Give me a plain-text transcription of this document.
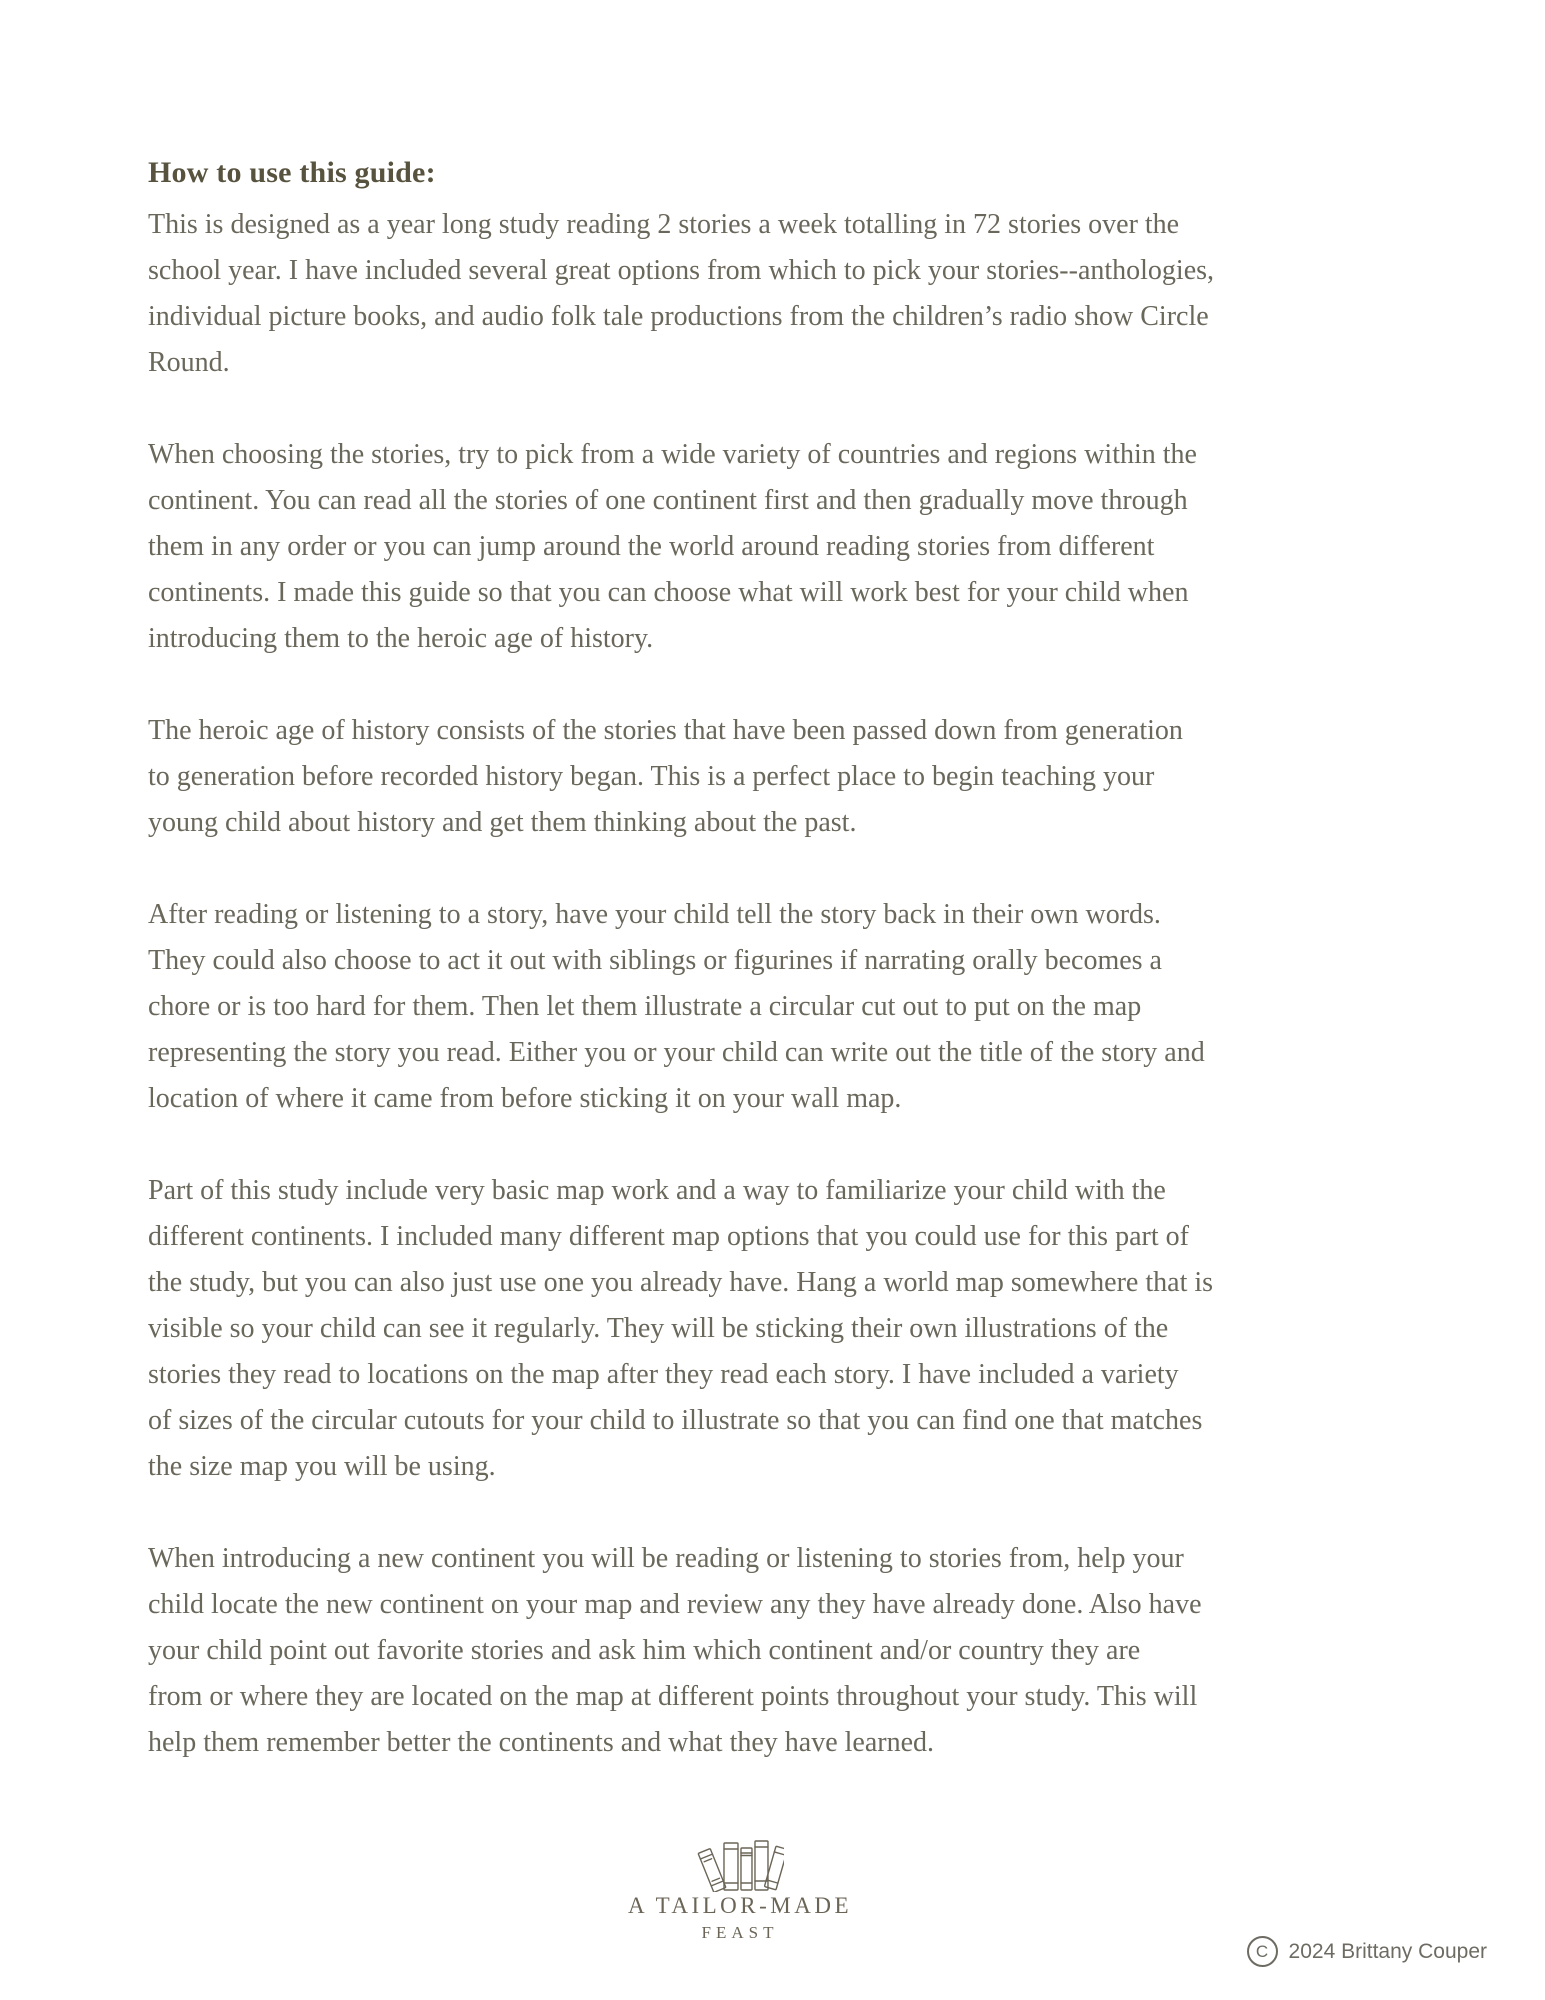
How to use this guide:
This is designed as a year long study reading 2 stories a week totalling in 72 stories over the
school year. I have included several great options from which to pick your stories--anthologies,
individual picture books, and audio folk tale productions from the children’s radio show Circle
Round.
When choosing the stories, try to pick from a wide variety of countries and regions within the
continent. You can read all the stories of one continent first and then gradually move through
them in any order or you can jump around the world around reading stories from different
continents. I made this guide so that you can choose what will work best for your child when
introducing them to the heroic age of history.
The heroic age of history consists of the stories that have been passed down from generation
to generation before recorded history began. This is a perfect place to begin teaching your
young child about history and get them thinking about the past.
After reading or listening to a story, have your child tell the story back in their own words.
They could also choose to act it out with siblings or figurines if narrating orally becomes a
chore or is too hard for them. Then let them illustrate a circular cut out to put on the map
representing the story you read. Either you or your child can write out the title of the story and
location of where it came from before sticking it on your wall map.
Part of this study include very basic map work and a way to familiarize your child with the
different continents. I included many different map options that you could use for this part of
the study, but you can also just use one you already have. Hang a world map somewhere that is
visible so your child can see it regularly. They will be sticking their own illustrations of the
stories they read to locations on the map after they read each story. I have included a variety
of sizes of the circular cutouts for your child to illustrate so that you can find one that matches
the size map you will be using.
When introducing a new continent you will be reading or listening to stories from, help your
child locate the new continent on your map and review any they have already done. Also have
your child point out favorite stories and ask him which continent and/or country they are
from or where they are located on the map at different points throughout your study. This will
help them remember better the continents and what they have learned.
A TAILOR-MADE
FEAST
C 2024 Brittany Couper
